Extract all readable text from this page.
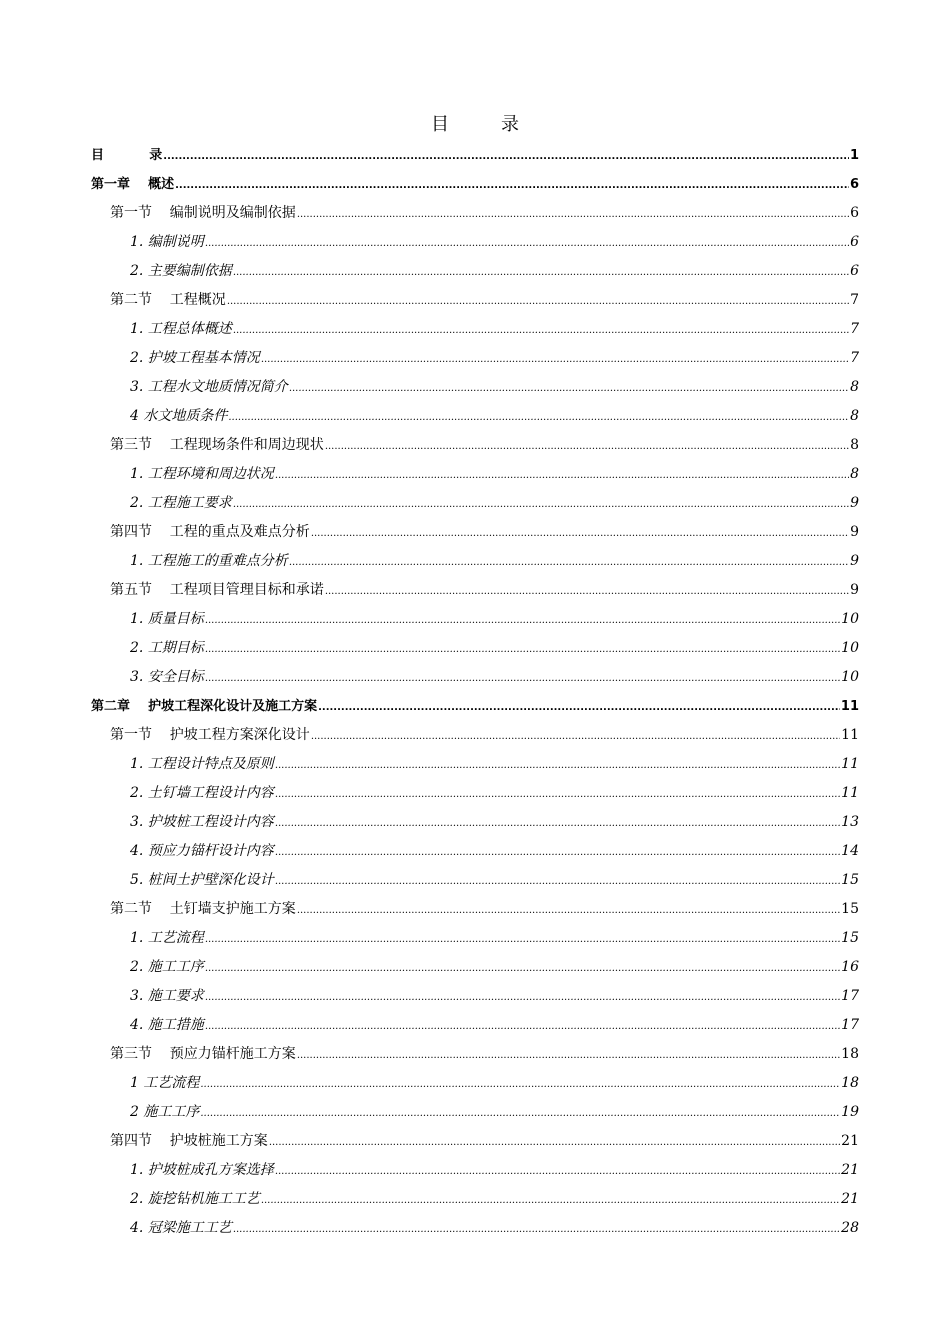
目	录
目          录 .....	1
第一章    概述 .....	6
第一节    编制说明及编制依据 .....	6
1. 编制说明 .....	6
2. 主要编制依据 .....	6
第二节    工程概况 .....	7
1. 工程总体概述 .....	7
2. 护坡工程基本情况 .....	7
3. 工程水文地质情况简介 .....	8
4 水文地质条件 .....	8
第三节    工程现场条件和周边现状 .....	8
1. 工程环境和周边状况 .....	8
2. 工程施工要求 .....	9
第四节    工程的重点及难点分析 .....	9
1. 工程施工的重难点分析 .....	9
第五节    工程项目管理目标和承诺 .....	9
1. 质量目标 .....	10
2. 工期目标 .....	10
3. 安全目标 .....	10
第二章    护坡工程深化设计及施工方案 .....	11
第一节    护坡工程方案深化设计 .....	11
1. 工程设计特点及原则 .....	11
2. 土钉墙工程设计内容 .....	11
3. 护坡桩工程设计内容 .....	13
4. 预应力锚杆设计内容 .....	14
5. 桩间土护壁深化设计 .....	15
第二节    土钉墙支护施工方案 .....	15
1. 工艺流程 .....	15
2. 施工工序 .....	16
3. 施工要求 .....	17
4. 施工措施 .....	17
第三节    预应力锚杆施工方案 .....	18
1 工艺流程 .....	18
2 施工工序 .....	19
第四节    护坡桩施工方案 .....	21
1. 护坡桩成孔方案选择 .....	21
2. 旋挖钻机施工工艺 .....	21
4. 冠梁施工工艺 .....	28
